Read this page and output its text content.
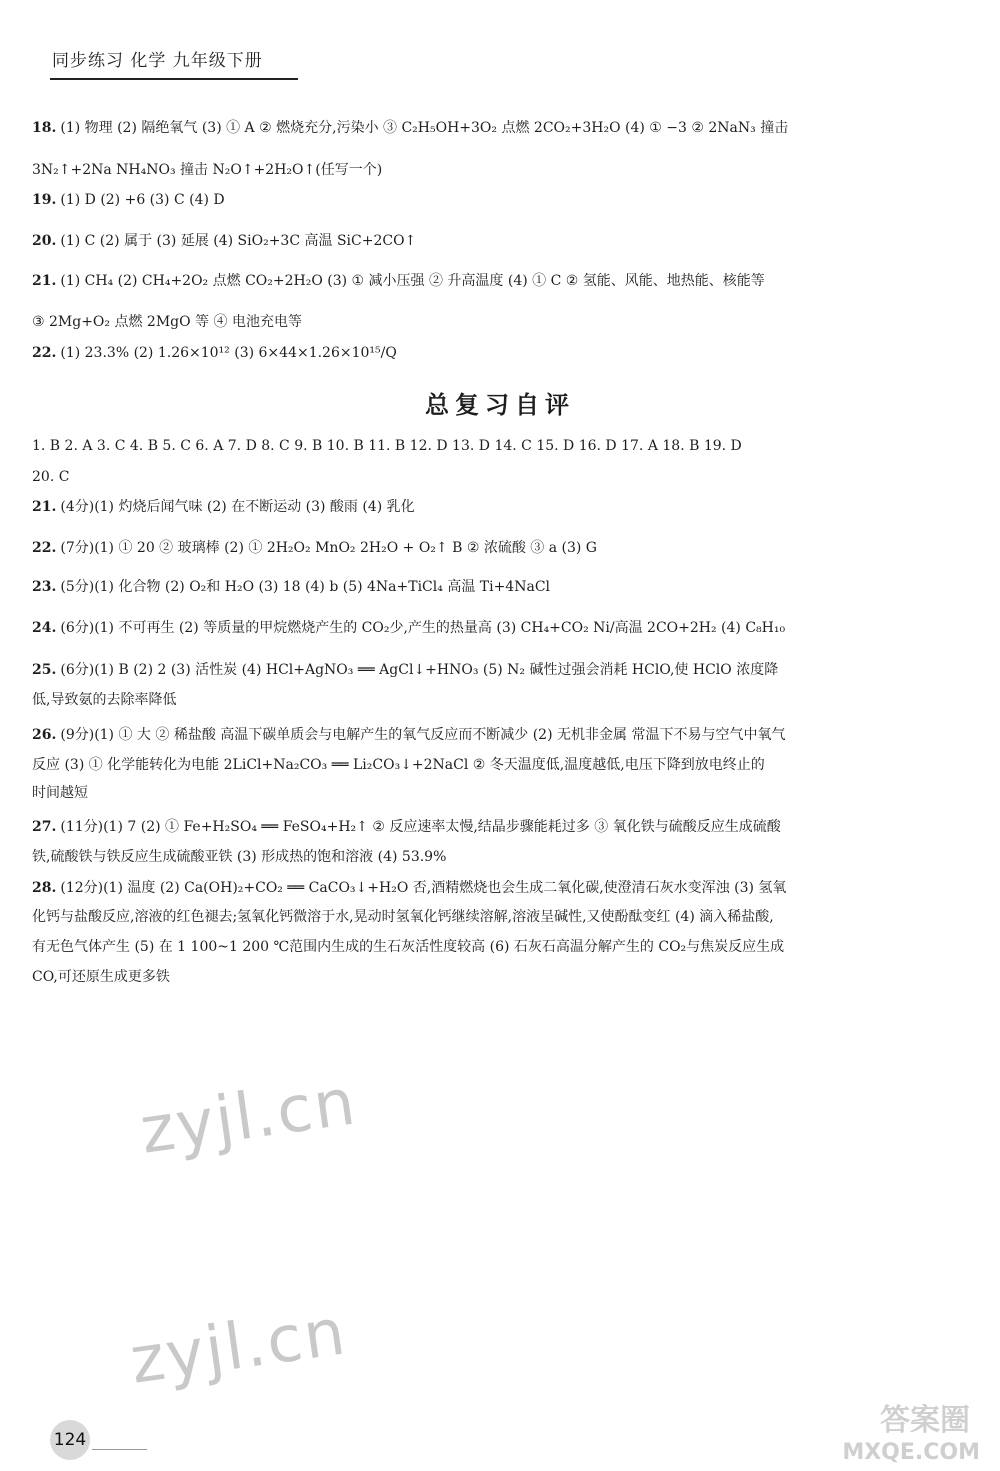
同步练习 化学 九年级下册
18. (1) 物理 (2) 隔绝氧气 (3) ① A ② 燃烧充分,污染小 ③ C₂H₅OH+3O₂ 点燃 2CO₂+3H₂O (4) ① −3 ② 2NaN₃ 撞击
3N₂↑+2Na NH₄NO₃ 撞击 N₂O↑+2H₂O↑(任写一个)
19. (1) D (2) +6 (3) C (4) D
20. (1) C (2) 属于 (3) 延展 (4) SiO₂+3C 高温 SiC+2CO↑
21. (1) CH₄ (2) CH₄+2O₂ 点燃 CO₂+2H₂O (3) ① 减小压强 ② 升高温度 (4) ① C ② 氢能、风能、地热能、核能等
③ 2Mg+O₂ 点燃 2MgO 等 ④ 电池充电等
22. (1) 23.3% (2) 1.26×10¹² (3) 6×44×1.26×10¹⁵/Q
总复习自评
1. B 2. A 3. C 4. B 5. C 6. A 7. D 8. C 9. B 10. B 11. B 12. D 13. D 14. C 15. D 16. D 17. A 18. B 19. D
20. C
21. (4分)(1) 灼烧后闻气味 (2) 在不断运动 (3) 酸雨 (4) 乳化
22. (7分)(1) ① 20 ② 玻璃棒 (2) ① 2H₂O₂ MnO₂ 2H₂O + O₂↑ B ② 浓硫酸 ③ a (3) G
23. (5分)(1) 化合物 (2) O₂和 H₂O (3) 18 (4) b (5) 4Na+TiCl₄ 高温 Ti+4NaCl
24. (6分)(1) 不可再生 (2) 等质量的甲烷燃烧产生的 CO₂少,产生的热量高 (3) CH₄+CO₂ Ni/高温 2CO+2H₂ (4) C₈H₁₀
25. (6分)(1) B (2) 2 (3) 活性炭 (4) HCl+AgNO₃ ══ AgCl↓+HNO₃ (5) N₂ 碱性过强会消耗 HClO,使 HClO 浓度降
低,导致氨的去除率降低
26. (9分)(1) ① 大 ② 稀盐酸 高温下碳单质会与电解产生的氧气反应而不断减少 (2) 无机非金属 常温下不易与空气中氧气
反应 (3) ① 化学能转化为电能 2LiCl+Na₂CO₃ ══ Li₂CO₃↓+2NaCl ② 冬天温度低,温度越低,电压下降到放电终止的
时间越短
27. (11分)(1) 7 (2) ① Fe+H₂SO₄ ══ FeSO₄+H₂↑ ② 反应速率太慢,结晶步骤能耗过多 ③ 氧化铁与硫酸反应生成硫酸
铁,硫酸铁与铁反应生成硫酸亚铁 (3) 形成热的饱和溶液 (4) 53.9%
28. (12分)(1) 温度 (2) Ca(OH)₂+CO₂ ══ CaCO₃↓+H₂O 否,酒精燃烧也会生成二氧化碳,使澄清石灰水变浑浊 (3) 氢氧
化钙与盐酸反应,溶液的红色褪去;氢氧化钙微溶于水,晃动时氢氧化钙继续溶解,溶液呈碱性,又使酚酞变红 (4) 滴入稀盐酸,
有无色气体产生 (5) 在 1 100~1 200 ℃范围内生成的生石灰活性度较高 (6) 石灰石高温分解产生的 CO₂与焦炭反应生成
CO,可还原生成更多铁
zyjl.cn
zyjl.cn
答案圈
MXQE.COM
124
